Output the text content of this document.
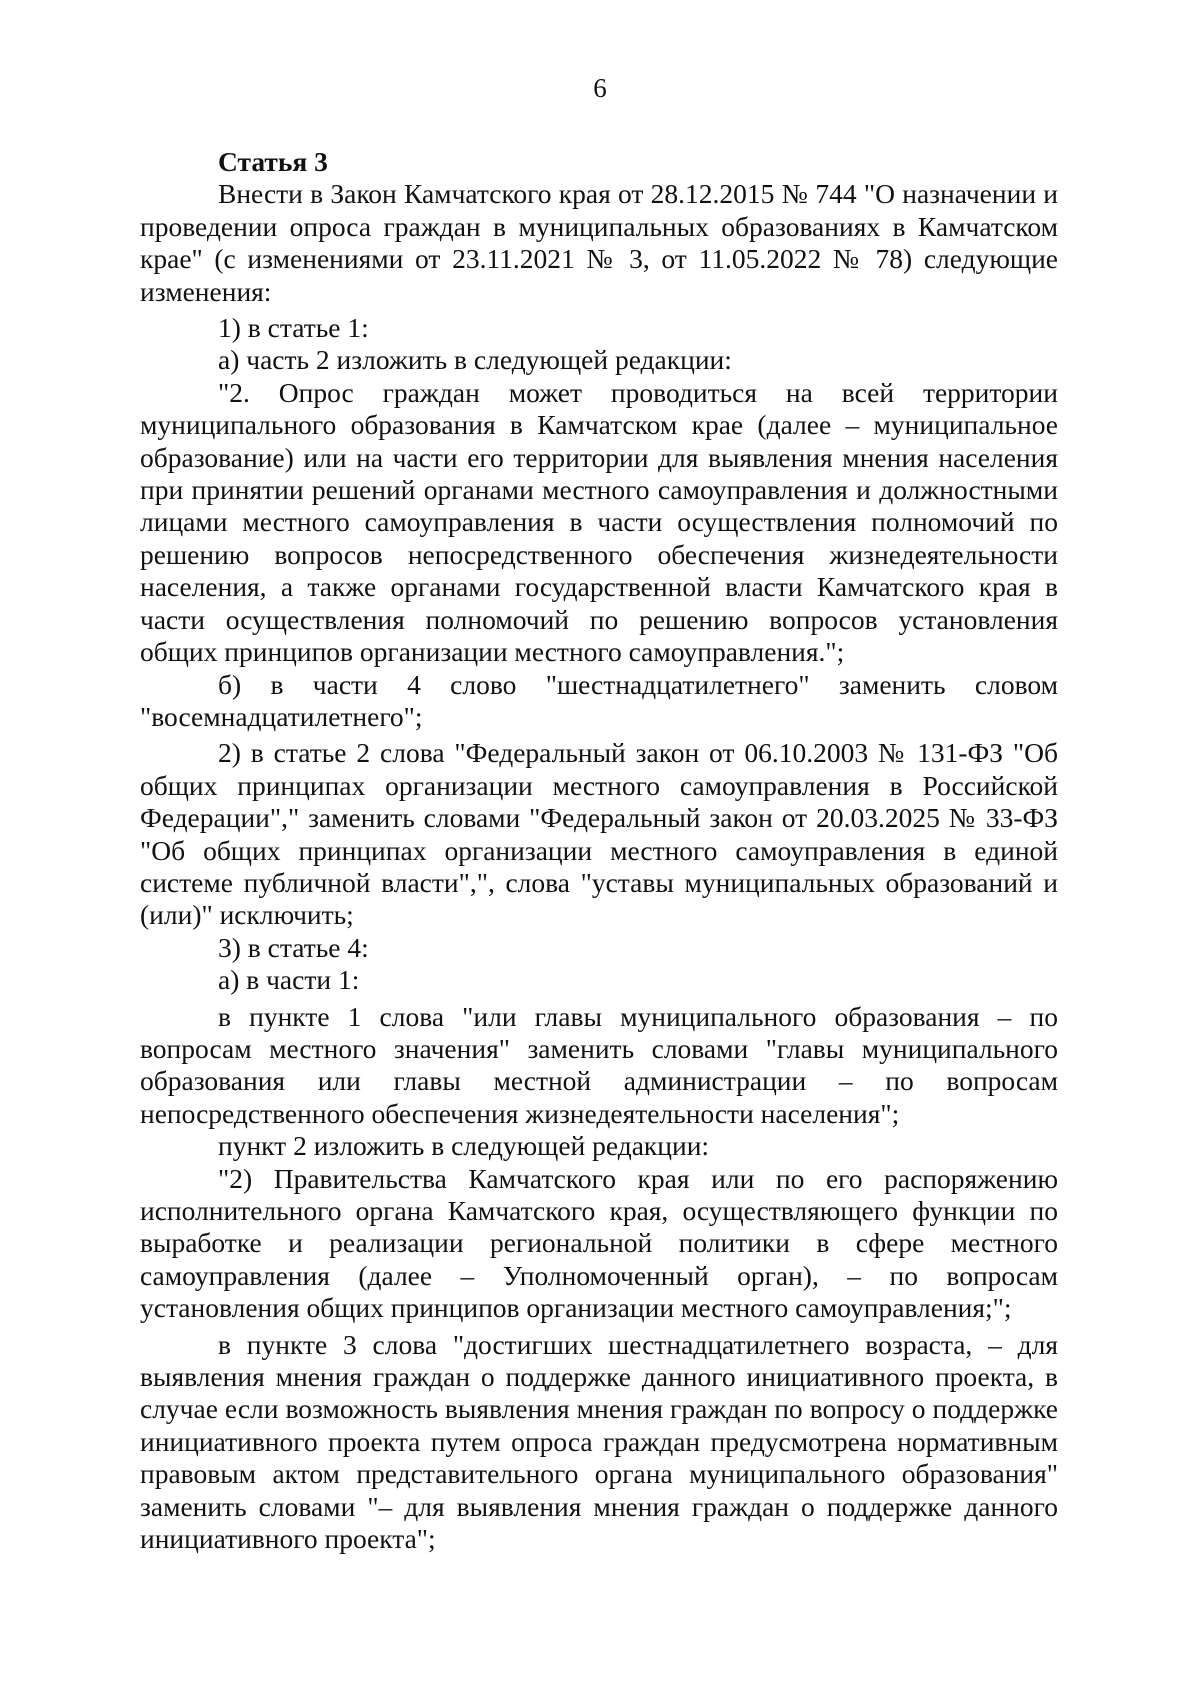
6
Статья 3

Внести в Закон Камчатского края от 28.12.2015 № 744 "О назначении и проведении опроса граждан в муниципальных образованиях в Камчатском крае" (с изменениями от 23.11.2021 № 3, от 11.05.2022 № 78) следующие изменения:

1) в статье 1:

а) часть 2 изложить в следующей редакции:

"2. Опрос граждан может проводиться на всей территории муниципального образования в Камчатском крае (далее – муниципальное образование) или на части его территории для выявления мнения населения при принятии решений органами местного самоуправления и должностными лицами местного самоуправления в части осуществления полномочий по решению вопросов непосредственного обеспечения жизнедеятельности населения, а также органами государственной власти Камчатского края в части осуществления полномочий по решению вопросов установления общих принципов организации местного самоуправления.";

б) в части 4 слово "шестнадцатилетнего" заменить словом "восемнадцатилетнего";

2) в статье 2 слова "Федеральный закон от 06.10.2003 № 131-ФЗ "Об общих принципах организации местного самоуправления в Российской Федерации"," заменить словами "Федеральный закон от 20.03.2025 № 33-ФЗ "Об общих принципах организации местного самоуправления в единой системе публичной власти",", слова "уставы муниципальных образований и (или)" исключить;

3) в статье 4:

а) в части 1:

в пункте 1 слова "или главы муниципального образования – по вопросам местного значения" заменить словами "главы муниципального образования или главы местной администрации – по вопросам непосредственного обеспечения жизнедеятельности населения";

пункт 2 изложить в следующей редакции:

"2) Правительства Камчатского края или по его распоряжению исполнительного органа Камчатского края, осуществляющего функции по выработке и реализации региональной политики в сфере местного самоуправления (далее – Уполномоченный орган), – по вопросам установления общих принципов организации местного самоуправления;";

в пункте 3 слова "достигших шестнадцатилетнего возраста, – для выявления мнения граждан о поддержке данного инициативного проекта, в случае если возможность выявления мнения граждан по вопросу о поддержке инициативного проекта путем опроса граждан предусмотрена нормативным правовым актом представительного органа муниципального образования" заменить словами "– для выявления мнения граждан о поддержке данного инициативного проекта";
